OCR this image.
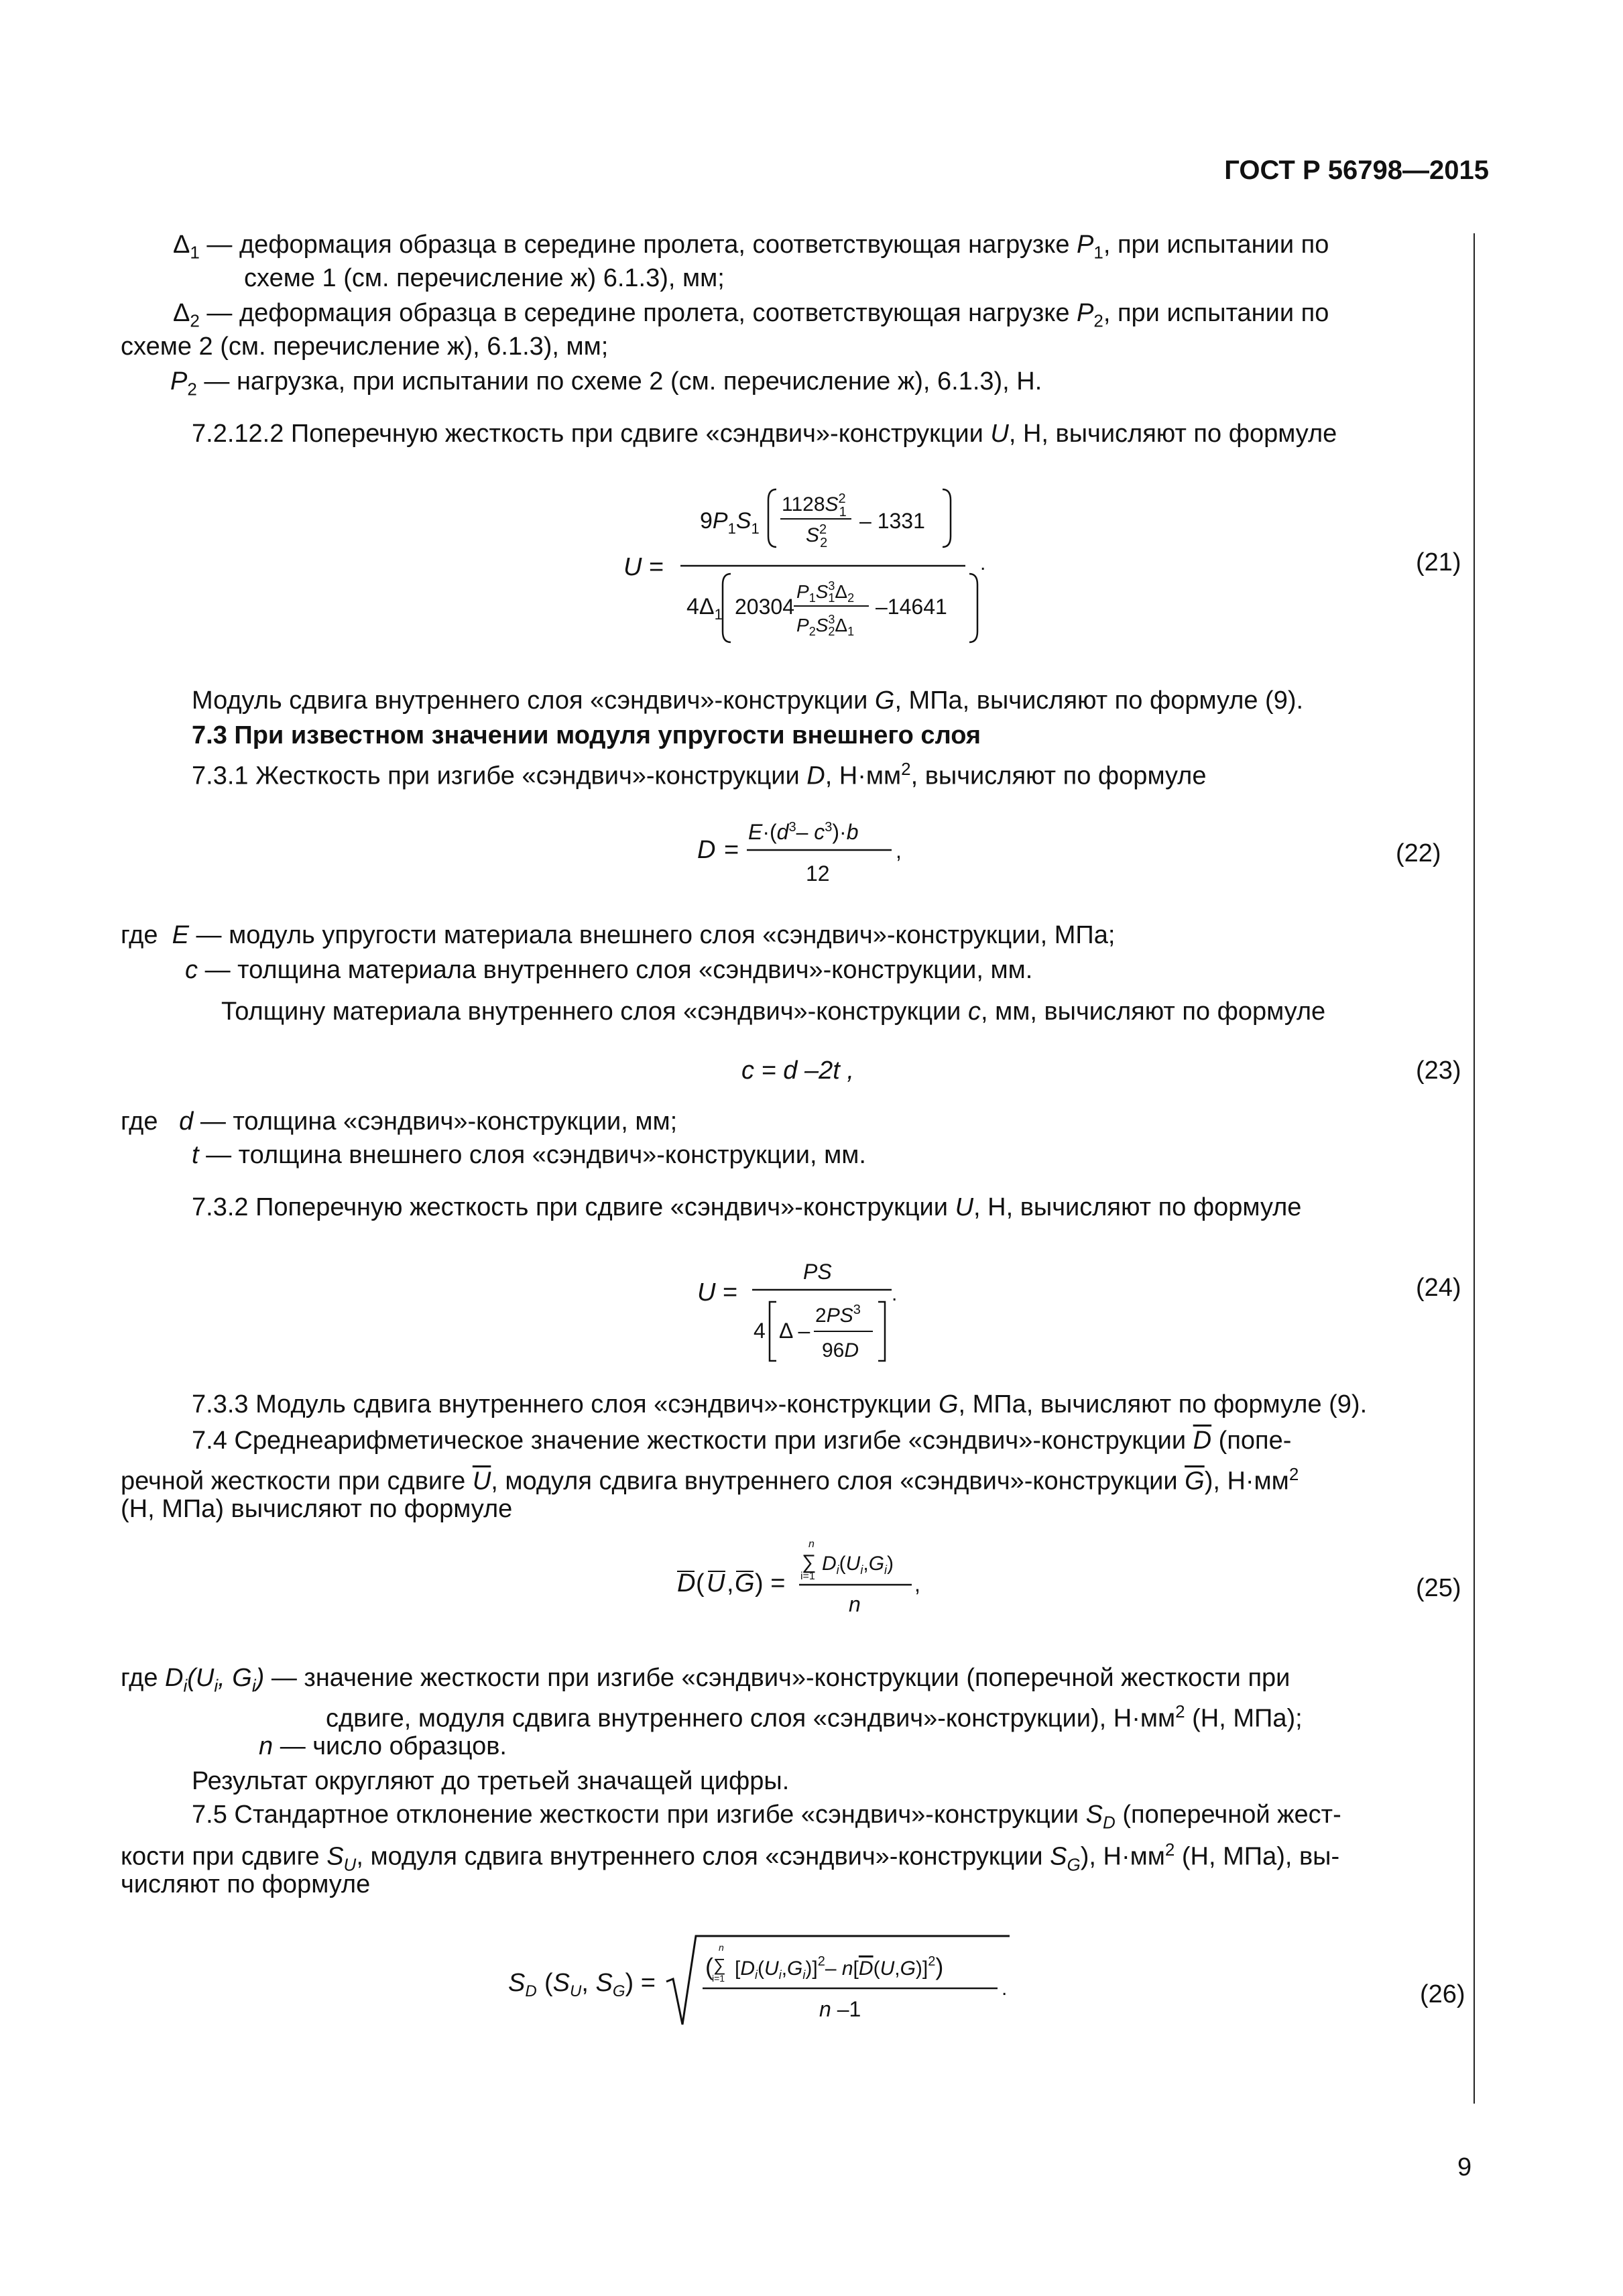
ГОСТ Р 56798—2015
$\Delta_1$ — деформация образца в середине пролета, соответствующая нагрузке $P_1$, при испытании по
схеме 1 (см. перечисление ж) 6.1.3), мм;
$\Delta_2$ — деформация образца в середине пролета, соответствующая нагрузке $P_2$, при испытании по
схеме 2 (см. перечисление ж), 6.1.3), мм;
$P_2$ — нагрузка, при испытании по схеме 2 (см. перечисление ж), 6.1.3), Н.
7.2.12.2 Поперечную жесткость при сдвиге «сэндвич»-конструкции U, Н, вычисляют по формуле
U =
$9P_1S_1$
$1128S^2$ 1
$S^2$ 2
– 1331
$4\Delta_1$ 20304
$P_1S^3$ $1\Delta_2$
$P_2S^3$ $2\Delta_1$
–14641
.	(21)
Модуль сдвига внутреннего слоя «сэндвич»-конструкции G, МПа, вычисляют по формуле (9).
7.3 При известном значении модуля упругости внешнего слоя
7.3.1 Жесткость при изгибе «сэндвич»-конструкции D, $Н\cdot мм^2$, вычисляют по формуле
D =
$E\cdot(d^3-$ $c^3)\cdot b$
12
,	(22)
где E — модуль упругости материала внешнего слоя «сэндвич»-конструкции, МПа;
c — толщина материала внутреннего слоя «сэндвич»-конструкции, мм.
Толщину материала внутреннего слоя «сэндвич»-конструкции c, мм, вычисляют по формуле
c = d –2t ,	(23)
где d — толщина «сэндвич»-конструкции, мм;
t — толщина внешнего слоя «сэндвич»-конструкции, мм.
7.3.2 Поперечную жесткость при сдвиге «сэндвич»-конструкции U, Н, вычисляют по формуле
U =
PS
4 Δ –
$2PS^3$
96D
.	(24)
7.3.3 Модуль сдвига внутреннего слоя «сэндвич»-конструкции G, МПа, вычисляют по формуле (9).
7.4 Среднеарифметическое значение жесткости при изгибе «сэндвич»-конструкции $\overline{D}$ (попе-
речной жесткости при сдвиге $\overline{U}$, модуля сдвига внутреннего слоя «сэндвич»-конструкции $\overline{G}$), $Н\cdot мм^2$
(Н, МПа) вычисляют по формуле
D ( U , G ) =
n
∑
i=1
$D_i(U_i,G_i)$
n
,	(25)
где $D_i(U_i$, $G_i$) — значение жесткости при изгибе «сэндвич»-конструкции (поперечной жесткости при
сдвиге, модуля сдвига внутреннего слоя «сэндвич»-конструкции), $Н\cdot мм^2$ (Н, МПа);
n — число образцов.
Результат округляют до третьей значащей цифры.
7.5 Стандартное отклонение жесткости при изгибе «сэндвич»-конструкции $S_D$ (поперечной жест-
кости при сдвиге $S_U$, модуля сдвига внутреннего слоя «сэндвич»-конструкции $S_G$), $Н\cdot мм^2$ (Н, МПа), вы-
числяют по формуле
$S_D$ ($S_U$, $S_G$) =
(
n
∑
i=1 $[D_i(U_i,G_i)]^2-$ $n[D(U,G)]^2$)
n –1
.	(26)
9
